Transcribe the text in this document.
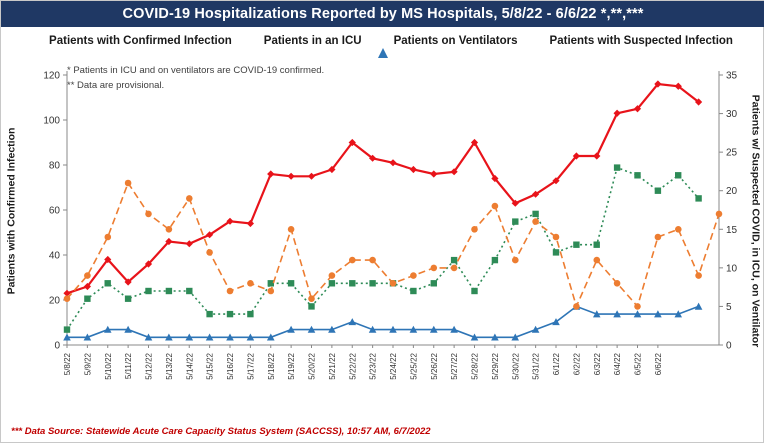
COVID-19 Hospitalizations Reported by MS Hospitals, 5/8/22 - 6/6/22 *,**,***
Patients with Confirmed Infection	Patients in an ICU	Patients on Ventilators	Patients with Suspected Infection
* Patients in ICU and on ventilators are COVID-19 confirmed.
** Data are provisional.
Patients with Confirmed Infection	Patients w/ Suspected COVID, in ICU, on Ventilator
0
20
40
60
80
100
120
0
5
10
15
20
25
30
35
5/8/22 5/9/22 5/10/22 5/11/22 5/12/22 5/13/22 5/14/22 5/15/22 5/16/22 5/17/22 5/18/22 5/19/22 5/20/22 5/21/22 5/22/22 5/23/22 5/24/22 5/25/22 5/26/22 5/27/22 5/28/22 5/29/22 5/30/22 5/31/22 6/1/22 6/2/22 6/3/22 6/4/22 6/5/22 6/6/22
*** Data Source: Statewide Acute Care Capacity Status System (SACCSS), 10:57 AM, 6/7/2022
